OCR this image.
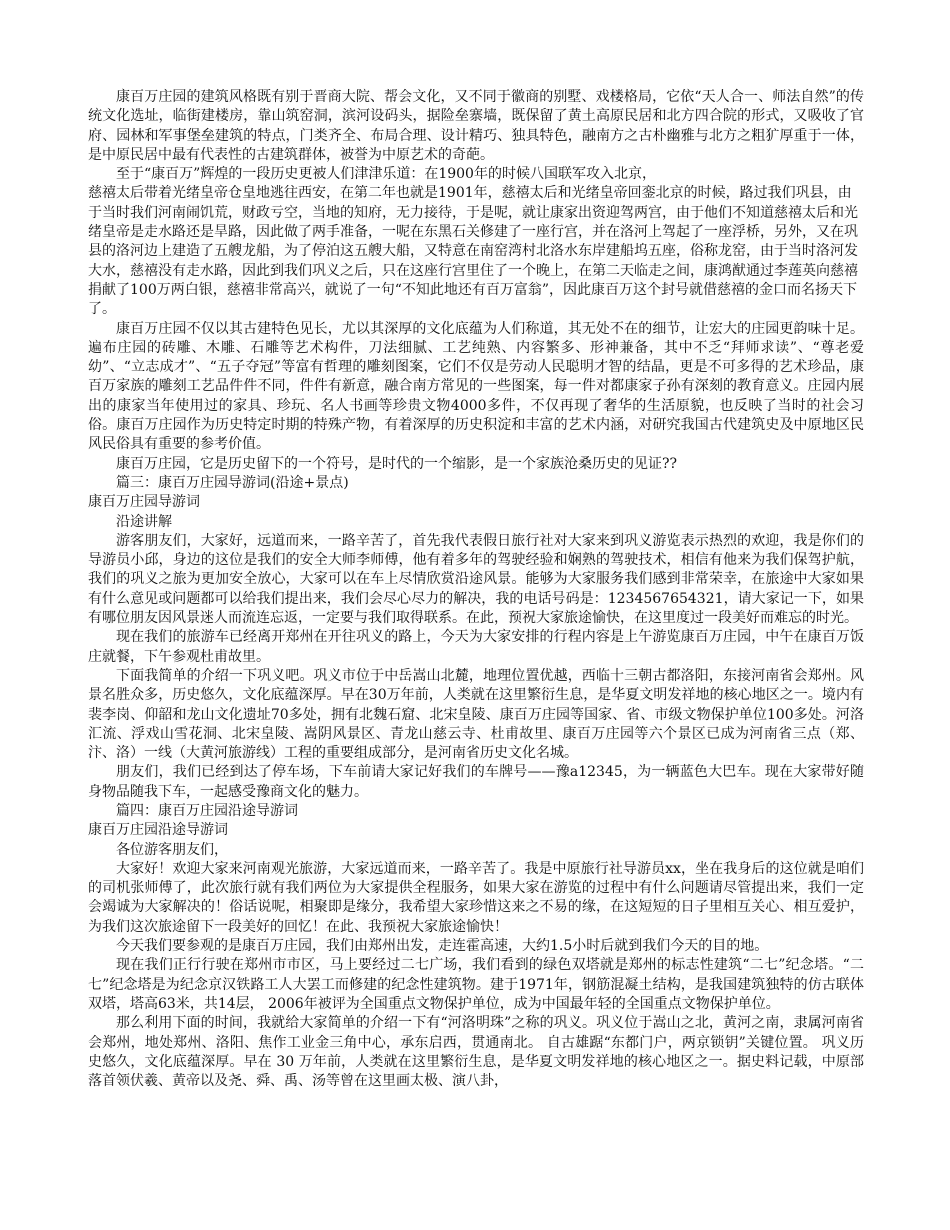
康百万庄园的建筑风格既有别于晋商大院、帮会文化，又不同于徽商的别墅、戏楼格局，它依“天人合一、师法自然”的传统文化选址，临街建楼房，靠山筑窑洞，滨河设码头，据险垒寨墙，既保留了黄土高原民居和北方四合院的形式，又吸收了官府、园林和军事堡垒建筑的特点，门类齐全、布局合理、设计精巧、独具特色，融南方之古朴幽雅与北方之粗犷厚重于一体，是中原民居中最有代表性的古建筑群体，被誉为中原艺术的奇葩。

至于“康百万”辉煌的一段历史更被人们津津乐道：在1900年的时候八国联军攻入北京，

慈禧太后带着光绪皇帝仓皇地逃往西安，在第二年也就是1901年，慈禧太后和光绪皇帝回銮北京的时候，路过我们巩县，由于当时我们河南闹饥荒，财政亏空，当地的知府，无力接待，于是呢，就让康家出资迎驾两宫，由于他们不知道慈禧太后和光绪皇帝是走水路还是旱路，因此做了两手准备，一呢在东黑石关修建了一座行宫，并在洛河上驾起了一座浮桥，另外，又在巩县的洛河边上建造了五艘龙船，为了停泊这五艘大船，又特意在南窑湾村北洛水东岸建船坞五座，俗称龙窑，由于当时洛河发大水，慈禧没有走水路，因此到我们巩义之后，只在这座行宫里住了一个晚上，在第二天临走之间，康鸿猷通过李莲英向慈禧捐献了100万两白银，慈禧非常高兴，就说了一句“不知此地还有百万富翁”，因此康百万这个封号就借慈禧的金口而名扬天下了。

康百万庄园不仅以其古建特色见长，尤以其深厚的文化底蕴为人们称道，其无处不在的细节，让宏大的庄园更韵味十足。遍布庄园的砖雕、木雕、石雕等艺术构件，刀法细腻、工艺纯熟、内容繁多、形神兼备，其中不乏“拜师求读”、“尊老爱幼”、“立志成才”、“五子夺冠”等富有哲理的雕刻图案，它们不仅是劳动人民聪明才智的结晶，更是不可多得的艺术珍品，康百万家族的雕刻工艺品件件不同，件件有新意，融合南方常见的一些图案，每一件对都康家子孙有深刻的教育意义。庄园内展出的康家当年使用过的家具、珍玩、名人书画等珍贵文物4000多件，不仅再现了奢华的生活原貌，也反映了当时的社会习俗。康百万庄园作为历史特定时期的特殊产物，有着深厚的历史积淀和丰富的艺术内涵，对研究我国古代建筑史及中原地区民风民俗具有重要的参考价值。

康百万庄园，它是历史留下的一个符号，是时代的一个缩影，是一个家族沧桑历史的见证??

篇三：康百万庄园导游词(沿途+景点)

康百万庄园导游词

沿途讲解

游客朋友们，大家好，远道而来，一路辛苦了，首先我代表假日旅行社对大家来到巩义游览表示热烈的欢迎，我是你们的导游员小邱，身边的这位是我们的安全大师李师傅，他有着多年的驾驶经验和娴熟的驾驶技术，相信有他来为我们保驾护航，我们的巩义之旅为更加安全放心，大家可以在车上尽情欣赏沿途风景。能够为大家服务我们感到非常荣幸，在旅途中大家如果有什么意见或问题都可以给我们提出来，我们会尽心尽力的解决，我的电话号码是：1234567654321，请大家记一下，如果有哪位朋友因风景迷人而流连忘返，一定要与我们取得联系。在此，预祝大家旅途愉快，在这里度过一段美好而难忘的时光。

现在我们的旅游车已经离开郑州在开往巩义的路上，今天为大家安排的行程内容是上午游览康百万庄园，中午在康百万饭庄就餐，下午参观杜甫故里。

下面我简单的介绍一下巩义吧。巩义市位于中岳嵩山北麓，地理位置优越，西临十三朝古都洛阳，东接河南省会郑州。风景名胜众多，历史悠久，文化底蕴深厚。早在30万年前，人类就在这里繁衍生息，是华夏文明发祥地的核心地区之一。境内有裴李岗、仰韶和龙山文化遗址70多处，拥有北魏石窟、北宋皇陵、康百万庄园等国家、省、市级文物保护单位100多处。河洛汇流、浮戏山雪花洞、北宋皇陵、嵩阴风景区、青龙山慈云寺、杜甫故里、康百万庄园等六个景区已成为河南省三点（郑、汴、洛）一线（大黄河旅游线）工程的重要组成部分，是河南省历史文化名城。

朋友们，我们已经到达了停车场，下车前请大家记好我们的车牌号——豫a12345，为一辆蓝色大巴车。现在大家带好随身物品随我下车，一起感受豫商文化的魅力。

篇四：康百万庄园沿途导游词

康百万庄园沿途导游词

各位游客朋友们，

大家好！欢迎大家来河南观光旅游，大家远道而来，一路辛苦了。我是中原旅行社导游员xx，坐在我身后的这位就是咱们的司机张师傅了，此次旅行就有我们两位为大家提供全程服务，如果大家在游览的过程中有什么问题请尽管提出来，我们一定会竭诚为大家解决的！俗话说呢，相聚即是缘分，我希望大家珍惜这来之不易的缘，在这短短的日子里相互关心、相互爱护，为我们这次旅途留下一段美好的回忆！在此、我预祝大家旅途愉快！

今天我们要参观的是康百万庄园，我们由郑州出发，走连霍高速，大约1.5小时后就到我们今天的目的地。

现在我们正行行驶在郑州市市区，马上要经过二七广场，我们看到的绿色双塔就是郑州的标志性建筑“二七”纪念塔。“二七”纪念塔是为纪念京汉铁路工人大罢工而修建的纪念性建筑物。建于1971年，钢筋混凝土结构，是我国建筑独特的仿古联体双塔，塔高63米，共14层， 2006年被评为全国重点文物保护单位，成为中国最年轻的全国重点文物保护单位。

那么利用下面的时间，我就给大家简单的介绍一下有“河洛明珠”之称的巩义。巩义位于嵩山之北，黄河之南，隶属河南省会郑州，地处郑州、洛阳、焦作工业金三角中心，承东启西，贯通南北。 自古雄踞“东都门户，两京锁钥”关键位置。 巩义历史悠久，文化底蕴深厚。早在 30 万年前，人类就在这里繁衍生息，是华夏文明发祥地的核心地区之一。据史料记载，中原部落首领伏羲、黄帝以及尧、舜、禹、汤等曾在这里画太极、演八卦，
